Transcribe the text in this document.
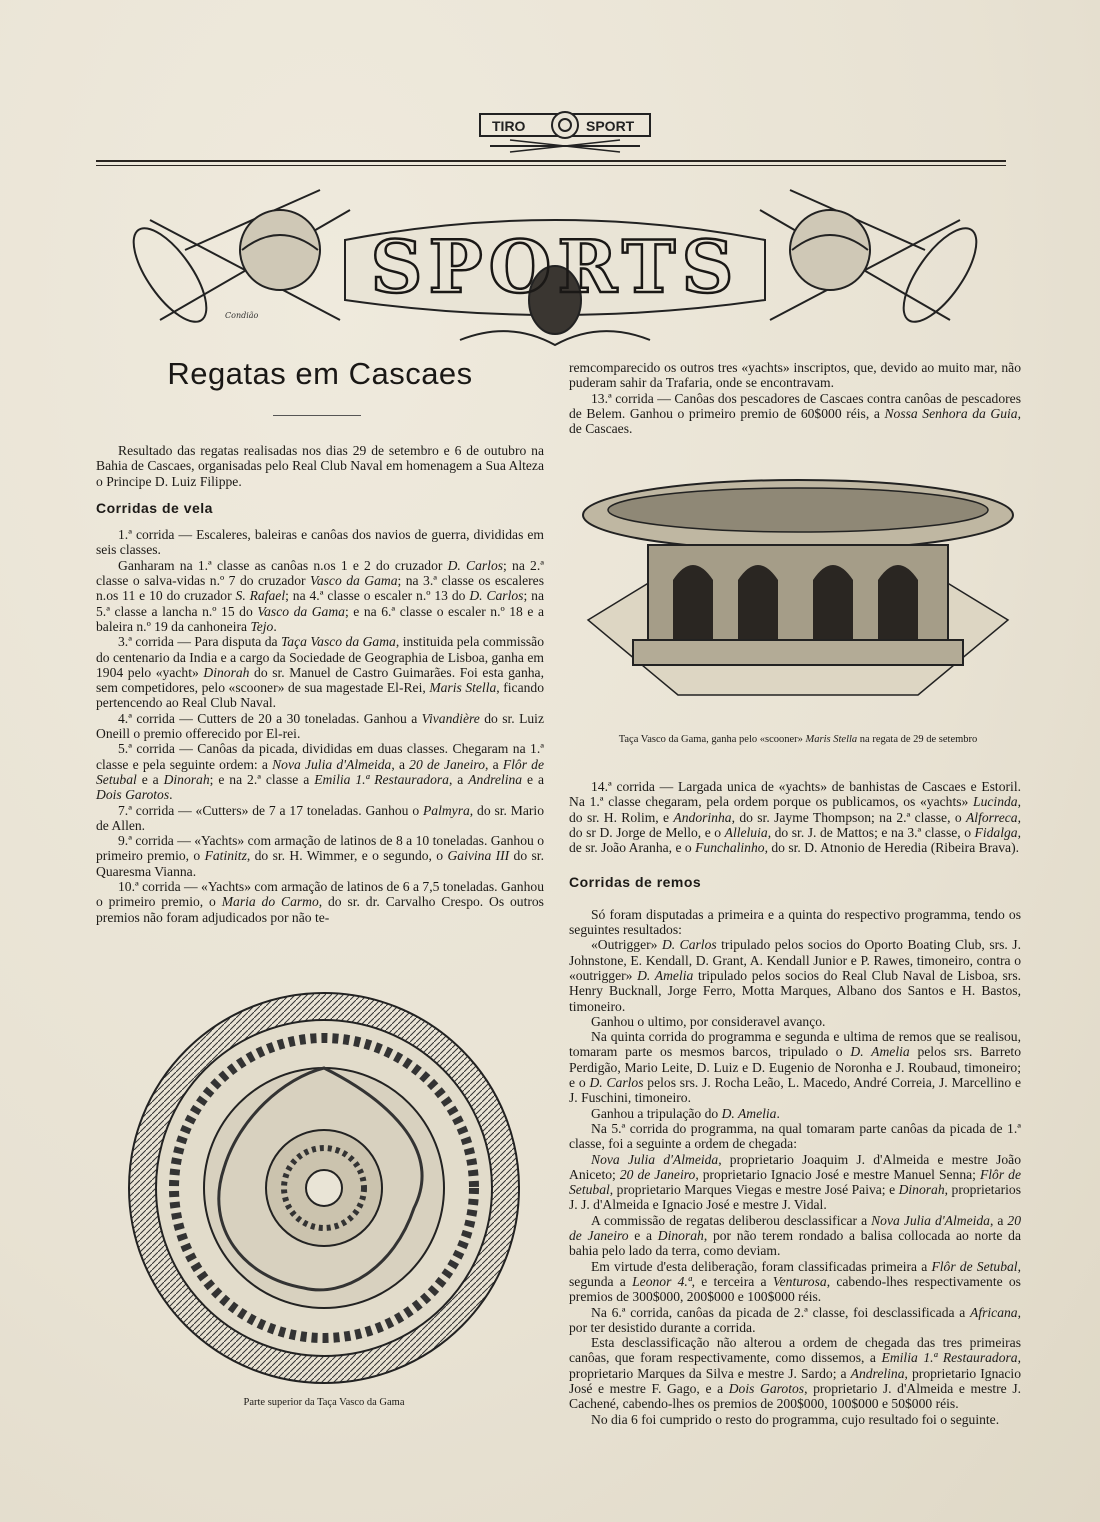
TIRO	SPORT
SPORTS
Condião
Regatas em Cascaes

Resultado das regatas realisadas nos dias 29 de setembro e 6 de outubro na Bahia de Cascaes, organisadas pelo Real Club Naval em homenagem a Sua Alteza o Principe D. Luiz Filippe.

Corridas de vela

1.ª corrida — Escaleres, baleiras e canôas dos navios de guerra, divididas em seis classes.

Ganharam na 1.ª classe as canôas n.os 1 e 2 do cruzador D. Carlos; na 2.ª classe o salva-vidas n.º 7 do cruzador Vasco da Gama; na 3.ª classe os escaleres n.os 11 e 10 do cruzador S. Rafael; na 4.ª classe o escaler n.º 13 do D. Carlos; na 5.ª classe a lancha n.º 15 do Vasco da Gama; e na 6.ª classe o escaler n.º 18 e a baleira n.º 19 da canhoneira Tejo.

3.ª corrida — Para disputa da Taça Vasco da Gama, instituida pela commissão do centenario da India e a cargo da Sociedade de Geographia de Lisboa, ganha em 1904 pelo «yacht» Dinorah do sr. Manuel de Castro Guimarães. Foi esta ganha, sem competidores, pelo «scooner» de sua magestade El-Rei, Maris Stella, ficando pertencendo ao Real Club Naval.

4.ª corrida — Cutters de 20 a 30 toneladas. Ganhou a Vivandière do sr. Luiz Oneill o premio offerecido por El-rei.

5.ª corrida — Canôas da picada, divididas em duas classes. Chegaram na 1.ª classe e pela seguinte ordem: a Nova Julia d'Almeida, a 20 de Janeiro, a Flôr de Setubal e a Dinorah; e na 2.ª classe a Emilia 1.ª Restauradora, a Andrelina e a Dois Garotos.

7.ª corrida — «Cutters» de 7 a 17 toneladas. Ganhou o Palmyra, do sr. Mario de Allen.

9.ª corrida — «Yachts» com armação de latinos de 8 a 10 toneladas. Ganhou o primeiro premio, o Fatinitz, do sr. H. Wimmer, e o segundo, o Gaivina III do sr. Quaresma Vianna.

10.ª corrida — «Yachts» com armação de latinos de 6 a 7,5 toneladas. Ganhou o primeiro premio, o Maria do Carmo, do sr. dr. Carvalho Crespo. Os outros premios não foram adjudicados por não te-

Parte superior da Taça Vasco da Gama

remcomparecido os outros tres «yachts» inscriptos, que, devido ao muito mar, não puderam sahir da Trafaria, onde se encontravam.

13.ª corrida — Canôas dos pescadores de Cascaes contra canôas de pescadores de Belem. Ganhou o primeiro premio de 60$000 réis, a Nossa Senhora da Guia, de Cascaes.

Taça Vasco da Gama, ganha pelo «scooner» Maris Stella na regata de 29 de setembro

14.ª corrida — Largada unica de «yachts» de banhistas de Cascaes e Estoril. Na 1.ª classe chegaram, pela ordem porque os publicamos, os «yachts» Lucinda, do sr. H. Rolim, e Andorinha, do sr. Jayme Thompson; na 2.ª classe, o Alforreca, do sr D. Jorge de Mello, e o Alleluia, do sr. J. de Mattos; e na 3.ª classe, o Fidalga, de sr. João Aranha, e o Funchalinho, do sr. D. Atnonio de Heredia (Ribeira Brava).

Corridas de remos

Só foram disputadas a primeira e a quinta do respectivo programma, tendo os seguintes resultados:

«Outrigger» D. Carlos tripulado pelos socios do Oporto Boating Club, srs. J. Johnstone, E. Kendall, D. Grant, A. Kendall Junior e P. Rawes, timoneiro, contra o «outrigger» D. Amelia tripulado pelos socios do Real Club Naval de Lisboa, srs. Henry Bucknall, Jorge Ferro, Motta Marques, Albano dos Santos e H. Bastos, timoneiro.

Ganhou o ultimo, por consideravel avanço.

Na quinta corrida do programma e segunda e ultima de remos que se realisou, tomaram parte os mesmos barcos, tripulado o D. Amelia pelos srs. Barreto Perdigão, Mario Leite, D. Luiz e D. Eugenio de Noronha e J. Roubaud, timoneiro; e o D. Carlos pelos srs. J. Rocha Leão, L. Macedo, André Correia, J. Marcellino e J. Fuschini, timoneiro.

Ganhou a tripulação do D. Amelia.

Na 5.ª corrida do programma, na qual tomaram parte canôas da picada de 1.ª classe, foi a seguinte a ordem de chegada:

Nova Julia d'Almeida, proprietario Joaquim J. d'Almeida e mestre João Aniceto; 20 de Janeiro, proprietario Ignacio José e mestre Manuel Senna; Flôr de Setubal, proprietario Marques Viegas e mestre José Paiva; e Dinorah, proprietarios J. J. d'Almeida e Ignacio José e mestre J. Vidal.

A commissão de regatas deliberou desclassificar a Nova Julia d'Almeida, a 20 de Janeiro e a Dinorah, por não terem rondado a balisa collocada ao norte da bahia pelo lado da terra, como deviam.

Em virtude d'esta deliberação, foram classificadas primeira a Flôr de Setubal, segunda a Leonor 4.ª, e terceira a Venturosa, cabendo-lhes respectivamente os premios de 300$000, 200$000 e 100$000 réis.

Na 6.ª corrida, canôas da picada de 2.ª classe, foi desclassificada a Africana, por ter desistido durante a corrida.

Esta desclassificação não alterou a ordem de chegada das tres primeiras canôas, que foram respectivamente, como dissemos, a Emilia 1.ª Restauradora, proprietario Marques da Silva e mestre J. Sardo; a Andrelina, proprietario Ignacio José e mestre F. Gago, e a Dois Garotos, proprietario J. d'Almeida e mestre J. Cachené, cabendo-lhes os premios de 200$000, 100$000 e 50$000 réis.

No dia 6 foi cumprido o resto do programma, cujo resultado foi o seguinte.
